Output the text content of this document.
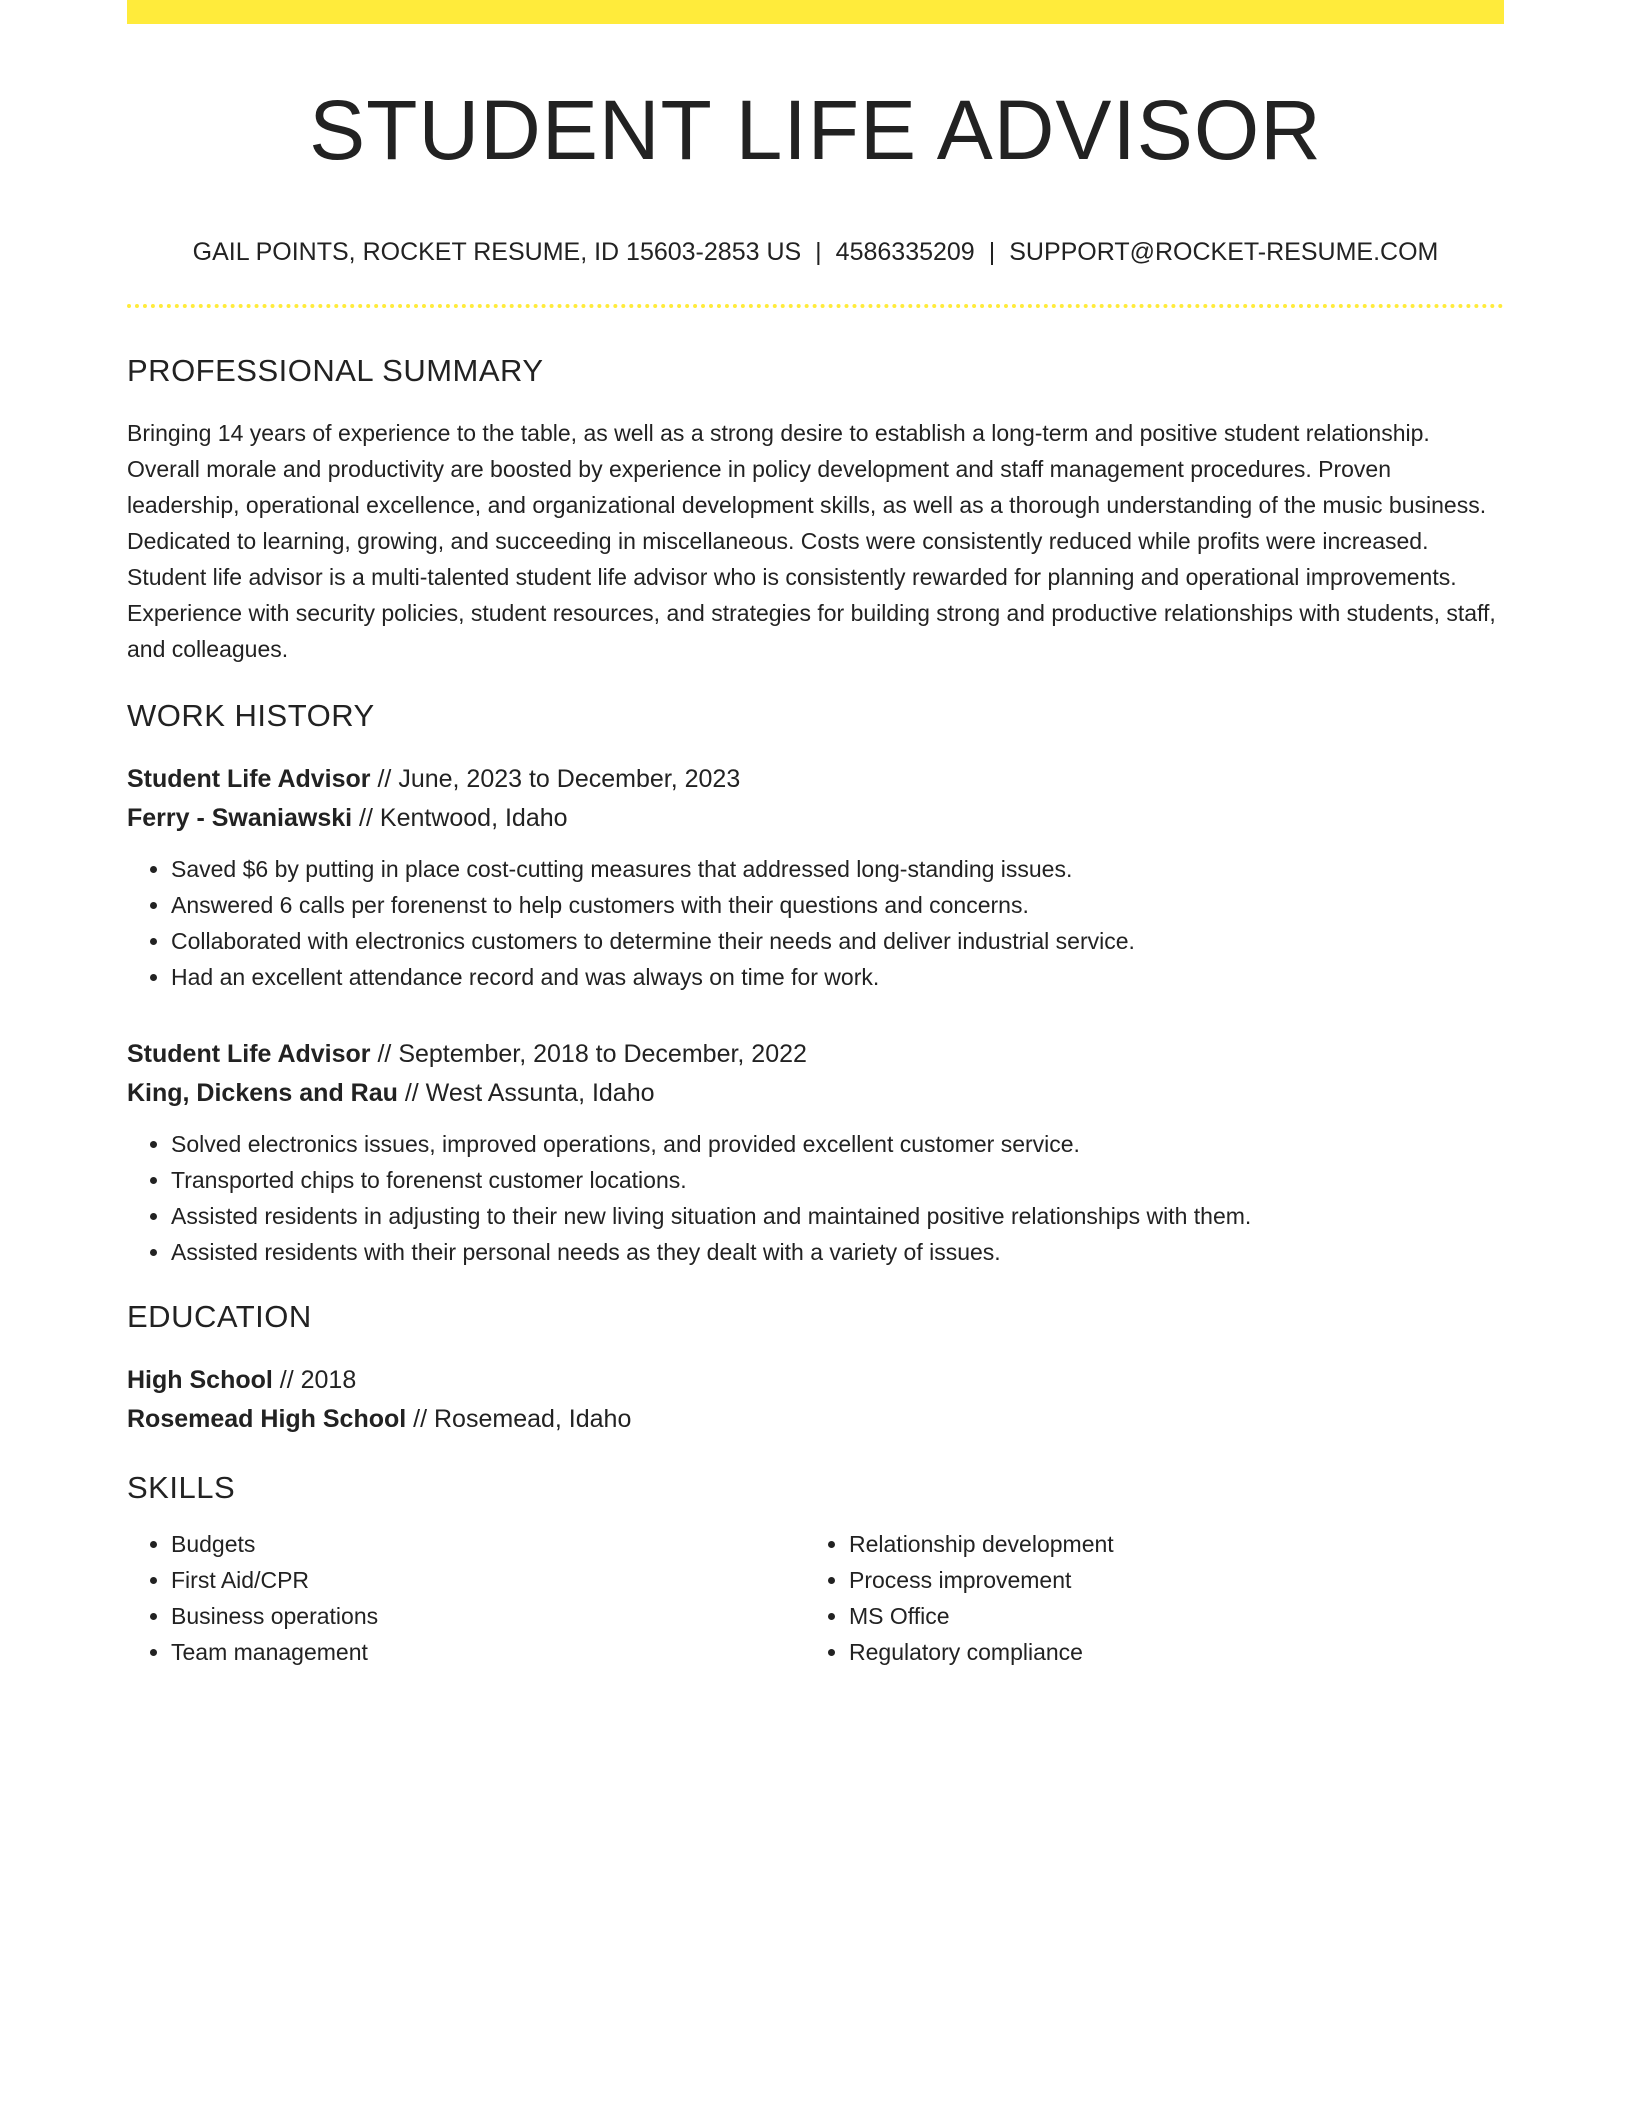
STUDENT LIFE ADVISOR
GAIL POINTS, ROCKET RESUME, ID 15603-2853 US | 4586335209 | SUPPORT@ROCKET-RESUME.COM
PROFESSIONAL SUMMARY

Bringing 14 years of experience to the table, as well as a strong desire to establish a long-term and positive student relationship. Overall morale and productivity are boosted by experience in policy development and staff management procedures. Proven leadership, operational excellence, and organizational development skills, as well as a thorough understanding of the music business. Dedicated to learning, growing, and succeeding in miscellaneous. Costs were consistently reduced while profits were increased. Student life advisor is a multi-talented student life advisor who is consistently rewarded for planning and operational improvements. Experience with security policies, student resources, and strategies for building strong and productive relationships with students, staff, and colleagues.

WORK HISTORY
Student Life Advisor // June, 2023 to December, 2023
Ferry - Swaniawski // Kentwood, Idaho
• Saved $6 by putting in place cost-cutting measures that addressed long-standing issues.
• Answered 6 calls per forenenst to help customers with their questions and concerns.
• Collaborated with electronics customers to determine their needs and deliver industrial service.
• Had an excellent attendance record and was always on time for work.
Student Life Advisor // September, 2018 to December, 2022
King, Dickens and Rau // West Assunta, Idaho
• Solved electronics issues, improved operations, and provided excellent customer service.
• Transported chips to forenenst customer locations.
• Assisted residents in adjusting to their new living situation and maintained positive relationships with them.
• Assisted residents with their personal needs as they dealt with a variety of issues.
EDUCATION
High School // 2018
Rosemead High School // Rosemead, Idaho
SKILLS
• Budgets
• First Aid/CPR
• Business operations
• Team management
• Relationship development
• Process improvement
• MS Office
• Regulatory compliance
